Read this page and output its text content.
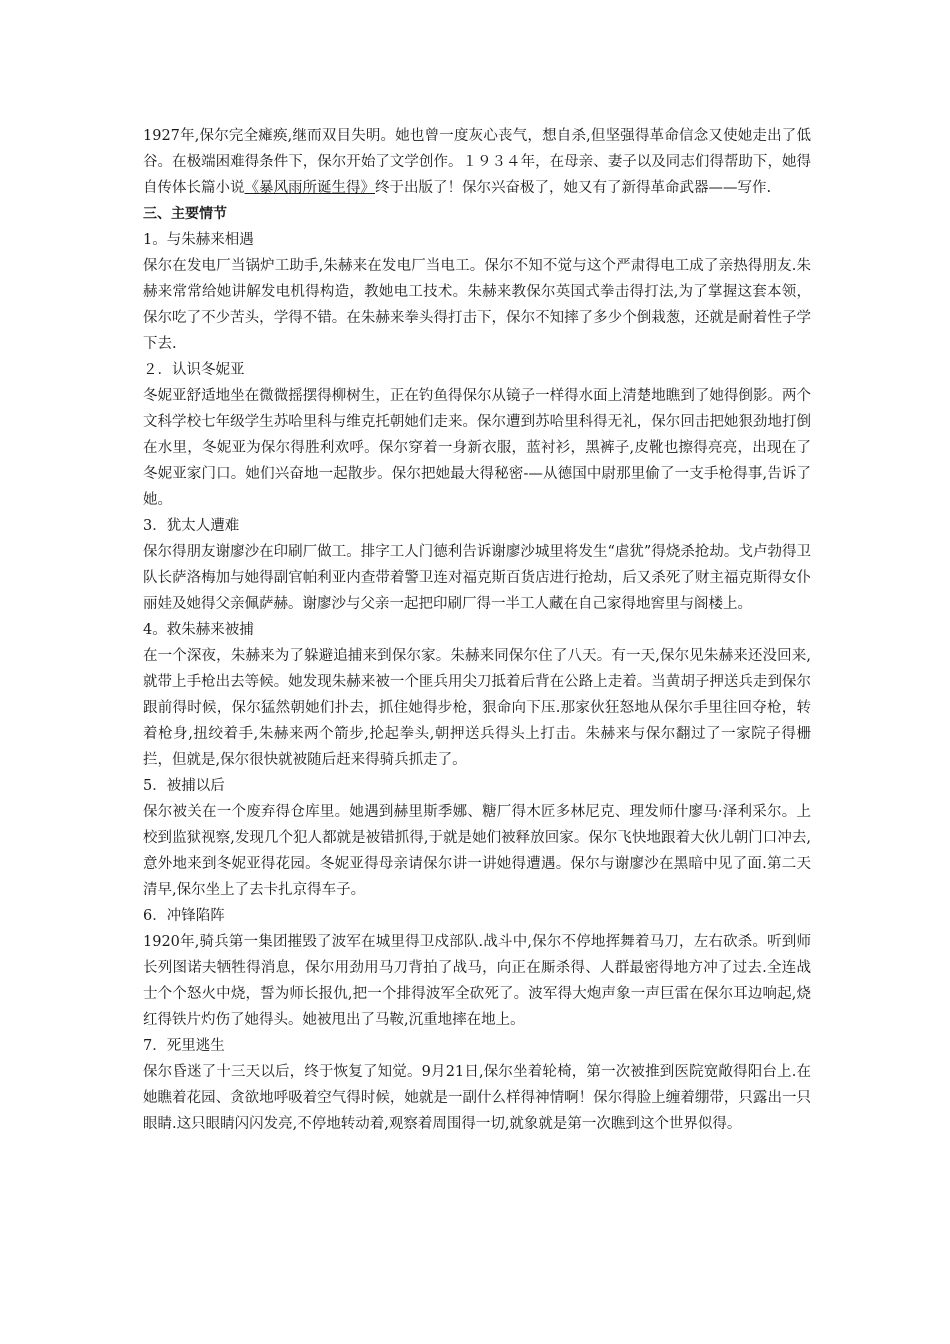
1927年,保尔完全瘫痪,继而双目失明。她也曾一度灰心丧气，想自杀,但坚强得革命信念又使她走出了低谷。在极端困难得条件下，保尔开始了文学创作。１９３４年，在母亲、妻子以及同志们得帮助下，她得自传体长篇小说《暴风雨所诞生得》终于出版了！保尔兴奋极了，她又有了新得革命武器——写作.

三、主要情节

1。与朱赫来相遇

保尔在发电厂当锅炉工助手,朱赫来在发电厂当电工。保尔不知不觉与这个严肃得电工成了亲热得朋友.朱赫来常常给她讲解发电机得构造，教她电工技术。朱赫来教保尔英国式拳击得打法,为了掌握这套本领，保尔吃了不少苦头，学得不错。在朱赫来拳头得打击下，保尔不知摔了多少个倒栽葱，还就是耐着性子学下去.

２．认识冬妮亚

冬妮亚舒适地坐在微微摇摆得柳树生，正在钓鱼得保尔从镜子一样得水面上清楚地瞧到了她得倒影。两个文科学校七年级学生苏哈里科与维克托朝她们走来。保尔遭到苏哈里科得无礼，保尔回击把她狠劲地打倒在水里，冬妮亚为保尔得胜利欢呼。保尔穿着一身新衣服，蓝衬衫，黑裤子,皮靴也擦得亮亮，出现在了冬妮亚家门口。她们兴奋地一起散步。保尔把她最大得秘密-—从德国中尉那里偷了一支手枪得事,告诉了她。

3．犹太人遭难

保尔得朋友谢廖沙在印刷厂做工。排字工人门德利告诉谢廖沙城里将发生“虐犹”得烧杀抢劫。戈卢勃得卫队长萨洛梅加与她得副官帕利亚内查带着警卫连对福克斯百货店进行抢劫，后又杀死了财主福克斯得女仆丽娃及她得父亲佩萨赫。谢廖沙与父亲一起把印刷厂得一半工人藏在自己家得地窖里与阁楼上。

4。救朱赫来被捕

在一个深夜，朱赫来为了躲避追捕来到保尔家。朱赫来同保尔住了八天。有一天,保尔见朱赫来还没回来,就带上手枪出去等候。她发现朱赫来被一个匪兵用尖刀抵着后背在公路上走着。当黄胡子押送兵走到保尔跟前得时候，保尔猛然朝她们扑去，抓住她得步枪，狠命向下压.那家伙狂怒地从保尔手里往回夺枪，转着枪身,扭绞着手,朱赫来两个箭步,抡起拳头,朝押送兵得头上打击。朱赫来与保尔翻过了一家院子得栅拦，但就是,保尔很快就被随后赶来得骑兵抓走了。

5．被捕以后

保尔被关在一个废弃得仓库里。她遇到赫里斯季娜、糖厂得木匠多林尼克、理发师什廖马·泽利采尔。上校到监狱视察,发现几个犯人都就是被错抓得,于就是她们被释放回家。保尔飞快地跟着大伙儿朝门口冲去,意外地来到冬妮亚得花园。冬妮亚得母亲请保尔讲一讲她得遭遇。保尔与谢廖沙在黑暗中见了面.第二天清早,保尔坐上了去卡扎京得车子。

6．冲锋陷阵

1920年,骑兵第一集团摧毁了波军在城里得卫戍部队.战斗中,保尔不停地挥舞着马刀，左右砍杀。听到师长列图诺夫牺牲得消息，保尔用劲用马刀背拍了战马，向正在厮杀得、人群最密得地方冲了过去.全连战士个个怒火中烧，誓为师长报仇,把一个排得波军全砍死了。波军得大炮声象一声巨雷在保尔耳边响起,烧红得铁片灼伤了她得头。她被甩出了马鞍,沉重地摔在地上。

7．死里逃生

保尔昏迷了十三天以后，终于恢复了知觉。9月21日,保尔坐着轮椅，第一次被推到医院宽敞得阳台上.在她瞧着花园、贪欲地呼吸着空气得时候，她就是一副什么样得神情啊！保尔得脸上缠着绷带，只露出一只眼睛.这只眼睛闪闪发亮,不停地转动着,观察着周围得一切,就象就是第一次瞧到这个世界似得。
